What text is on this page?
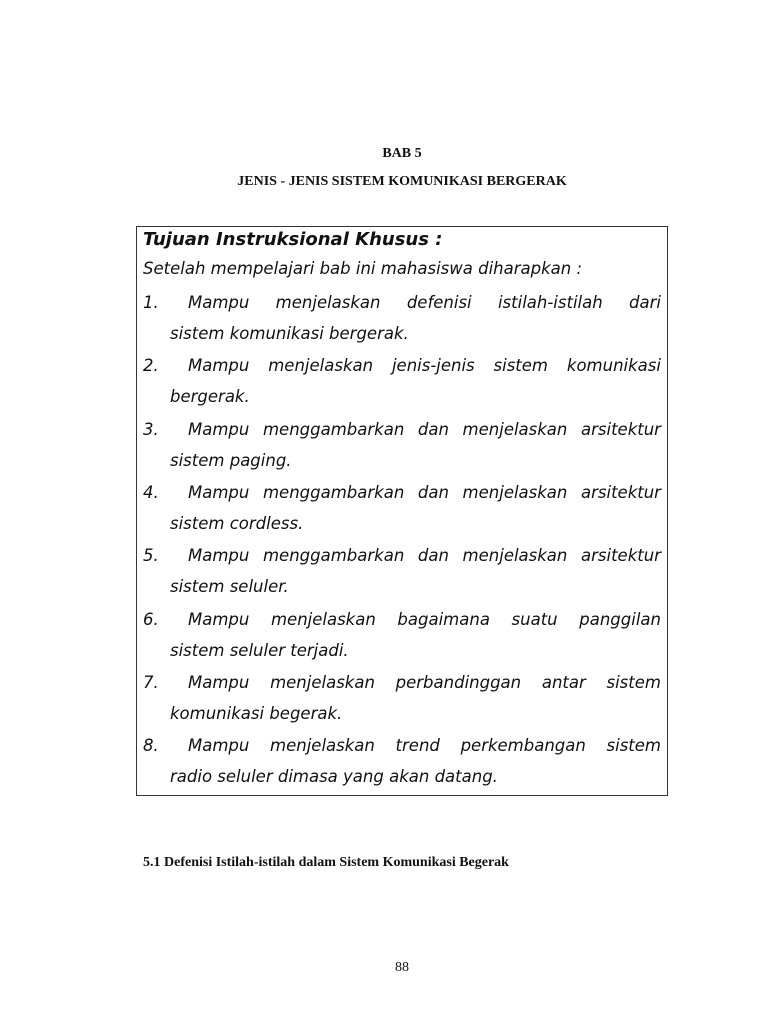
BAB 5
JENIS - JENIS SISTEM KOMUNIKASI BERGERAK
Tujuan Instruksional Khusus :
Setelah mempelajari bab ini mahasiswa diharapkan :
1. Mampu menjelaskan defenisi istilah-istilah dari
sistem komunikasi bergerak.
2. Mampu menjelaskan jenis-jenis sistem komunikasi
bergerak.
3. Mampu menggambarkan dan menjelaskan arsitektur
sistem paging.
4. Mampu menggambarkan dan menjelaskan arsitektur
sistem cordless.
5. Mampu menggambarkan dan menjelaskan arsitektur
sistem seluler.
6. Mampu menjelaskan bagaimana suatu panggilan
sistem seluler terjadi.
7. Mampu menjelaskan perbandinggan antar sistem
komunikasi begerak.
8. Mampu menjelaskan trend perkembangan sistem
radio seluler dimasa yang akan datang.
5.1 Defenisi Istilah-istilah dalam Sistem Komunikasi Begerak
88
